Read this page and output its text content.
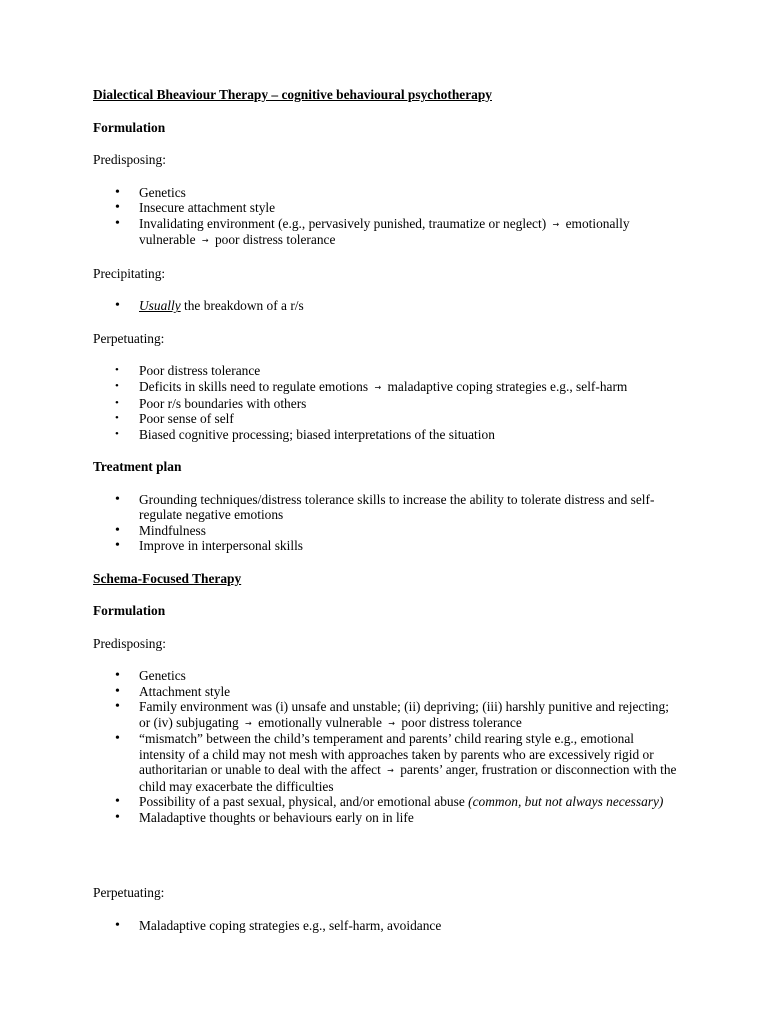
Dialectical Bheaviour Therapy – cognitive behavioural psychotherapy
Formulation
Predisposing:
• Genetics
• Insecure attachment style
• Invalidating environment (e.g., pervasively punished, traumatize or neglect) → emotionally vulnerable → poor distress tolerance
Precipitating:
• Usually the breakdown of a r/s
Perpetuating:
• Poor distress tolerance
• Deficits in skills need to regulate emotions → maladaptive coping strategies e.g., self-harm
• Poor r/s boundaries with others
• Poor sense of self
• Biased cognitive processing; biased interpretations of the situation
Treatment plan
• Grounding techniques/distress tolerance skills to increase the ability to tolerate distress and self-regulate negative emotions
• Mindfulness
• Improve in interpersonal skills
Schema-Focused Therapy
Formulation
Predisposing:
• Genetics
• Attachment style
• Family environment was (i) unsafe and unstable; (ii) depriving; (iii) harshly punitive and rejecting; or (iv) subjugating → emotionally vulnerable → poor distress tolerance
• “mismatch” between the child’s temperament and parents’ child rearing style e.g., emotional intensity of a child may not mesh with approaches taken by parents who are excessively rigid or authoritarian or unable to deal with the affect → parents’ anger, frustration or disconnection with the child may exacerbate the difficulties
• Possibility of a past sexual, physical, and/or emotional abuse (common, but not always necessary)
• Maladaptive thoughts or behaviours early on in life
Perpetuating:
• Maladaptive coping strategies e.g., self-harm, avoidance
